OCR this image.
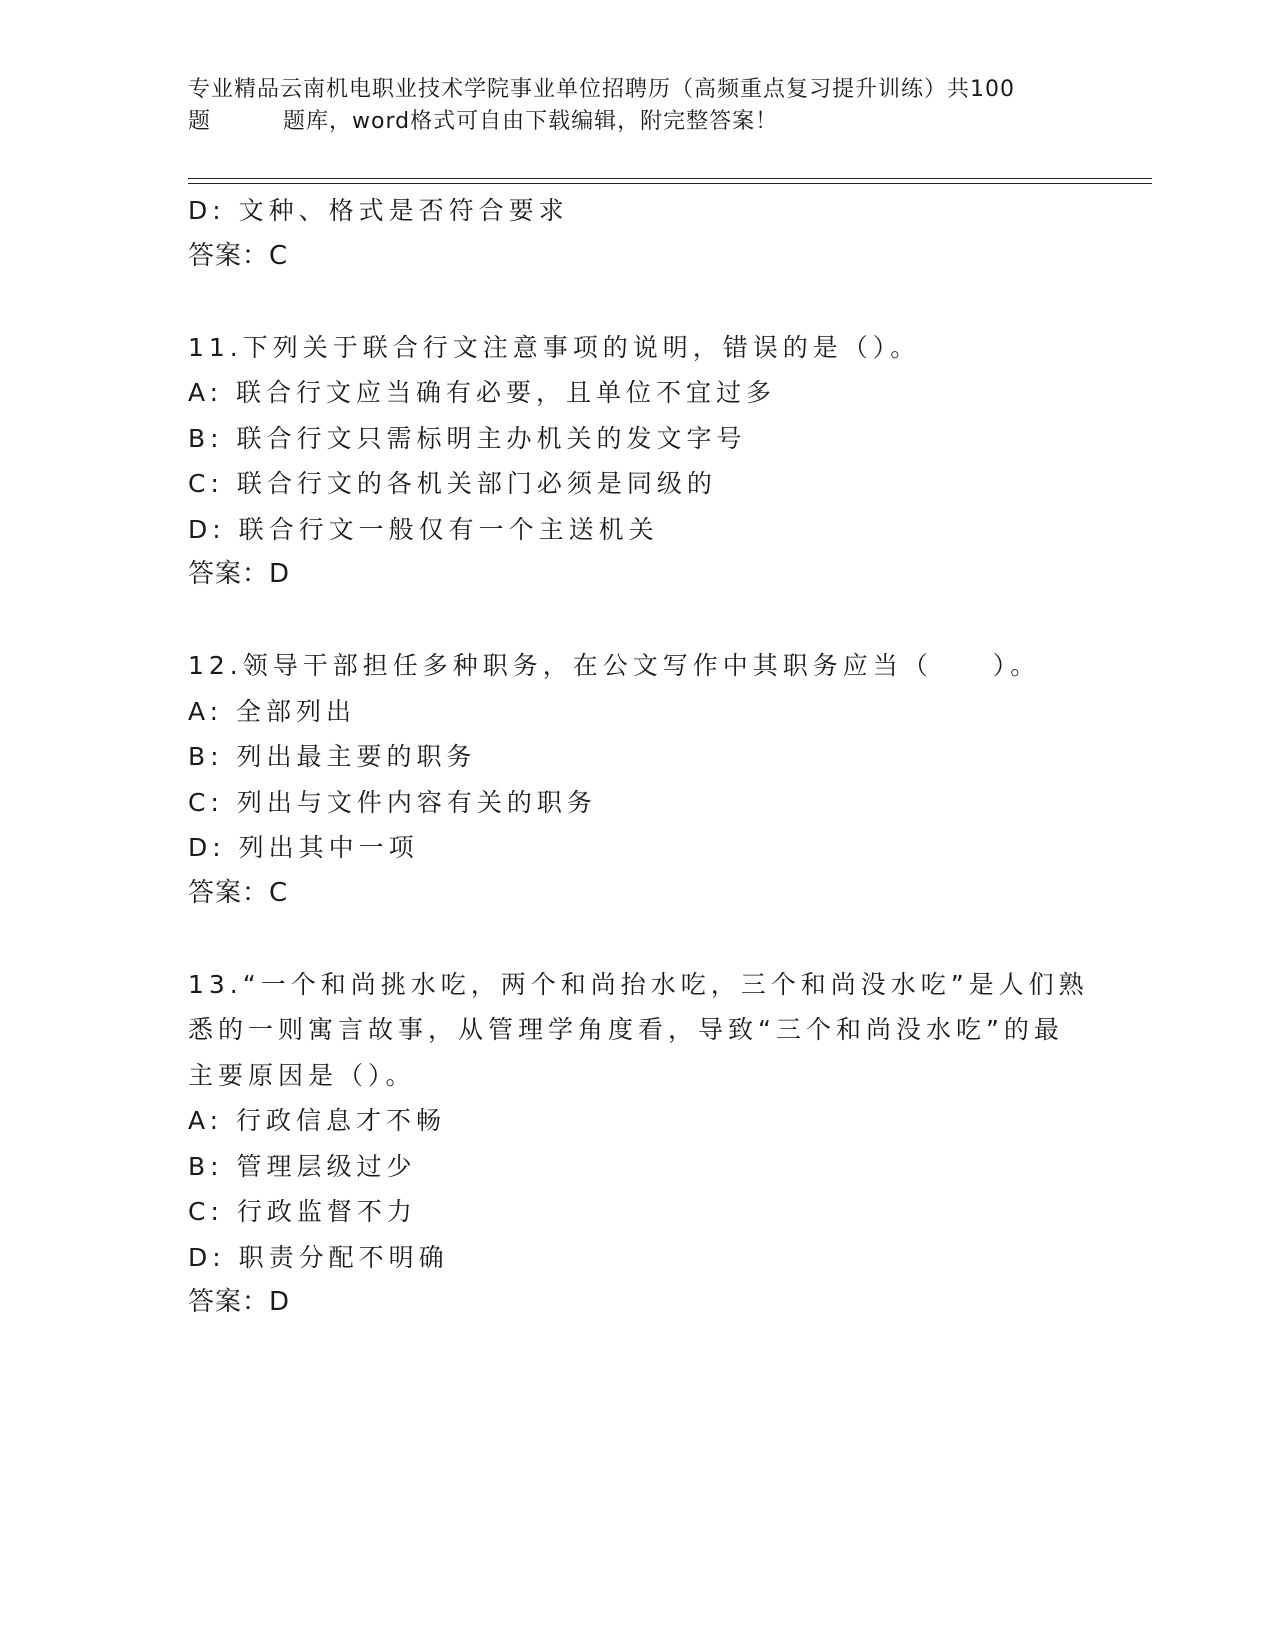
专业精品云南机电职业技术学院事业单位招聘历（高频重点复习提升训练）共100
题	题库，word格式可自由下载编辑，附完整答案！
D: 文种、格式是否符合要求
答案：C
11.下列关于联合行文注意事项的说明，错误的是（）。
A: 联合行文应当确有必要，且单位不宜过多
B: 联合行文只需标明主办机关的发文字号
C: 联合行文的各机关部门必须是同级的
D: 联合行文一般仅有一个主送机关
答案：D
12.领导干部担任多种职务，在公文写作中其职务应当（　　）。
A: 全部列出
B: 列出最主要的职务
C: 列出与文件内容有关的职务
D: 列出其中一项
答案：C
13.“一个和尚挑水吃，两个和尚抬水吃，三个和尚没水吃”是人们熟
悉的一则寓言故事，从管理学角度看，导致“三个和尚没水吃”的最
主要原因是（）。
A: 行政信息才不畅
B: 管理层级过少
C: 行政监督不力
D: 职责分配不明确
答案：D
